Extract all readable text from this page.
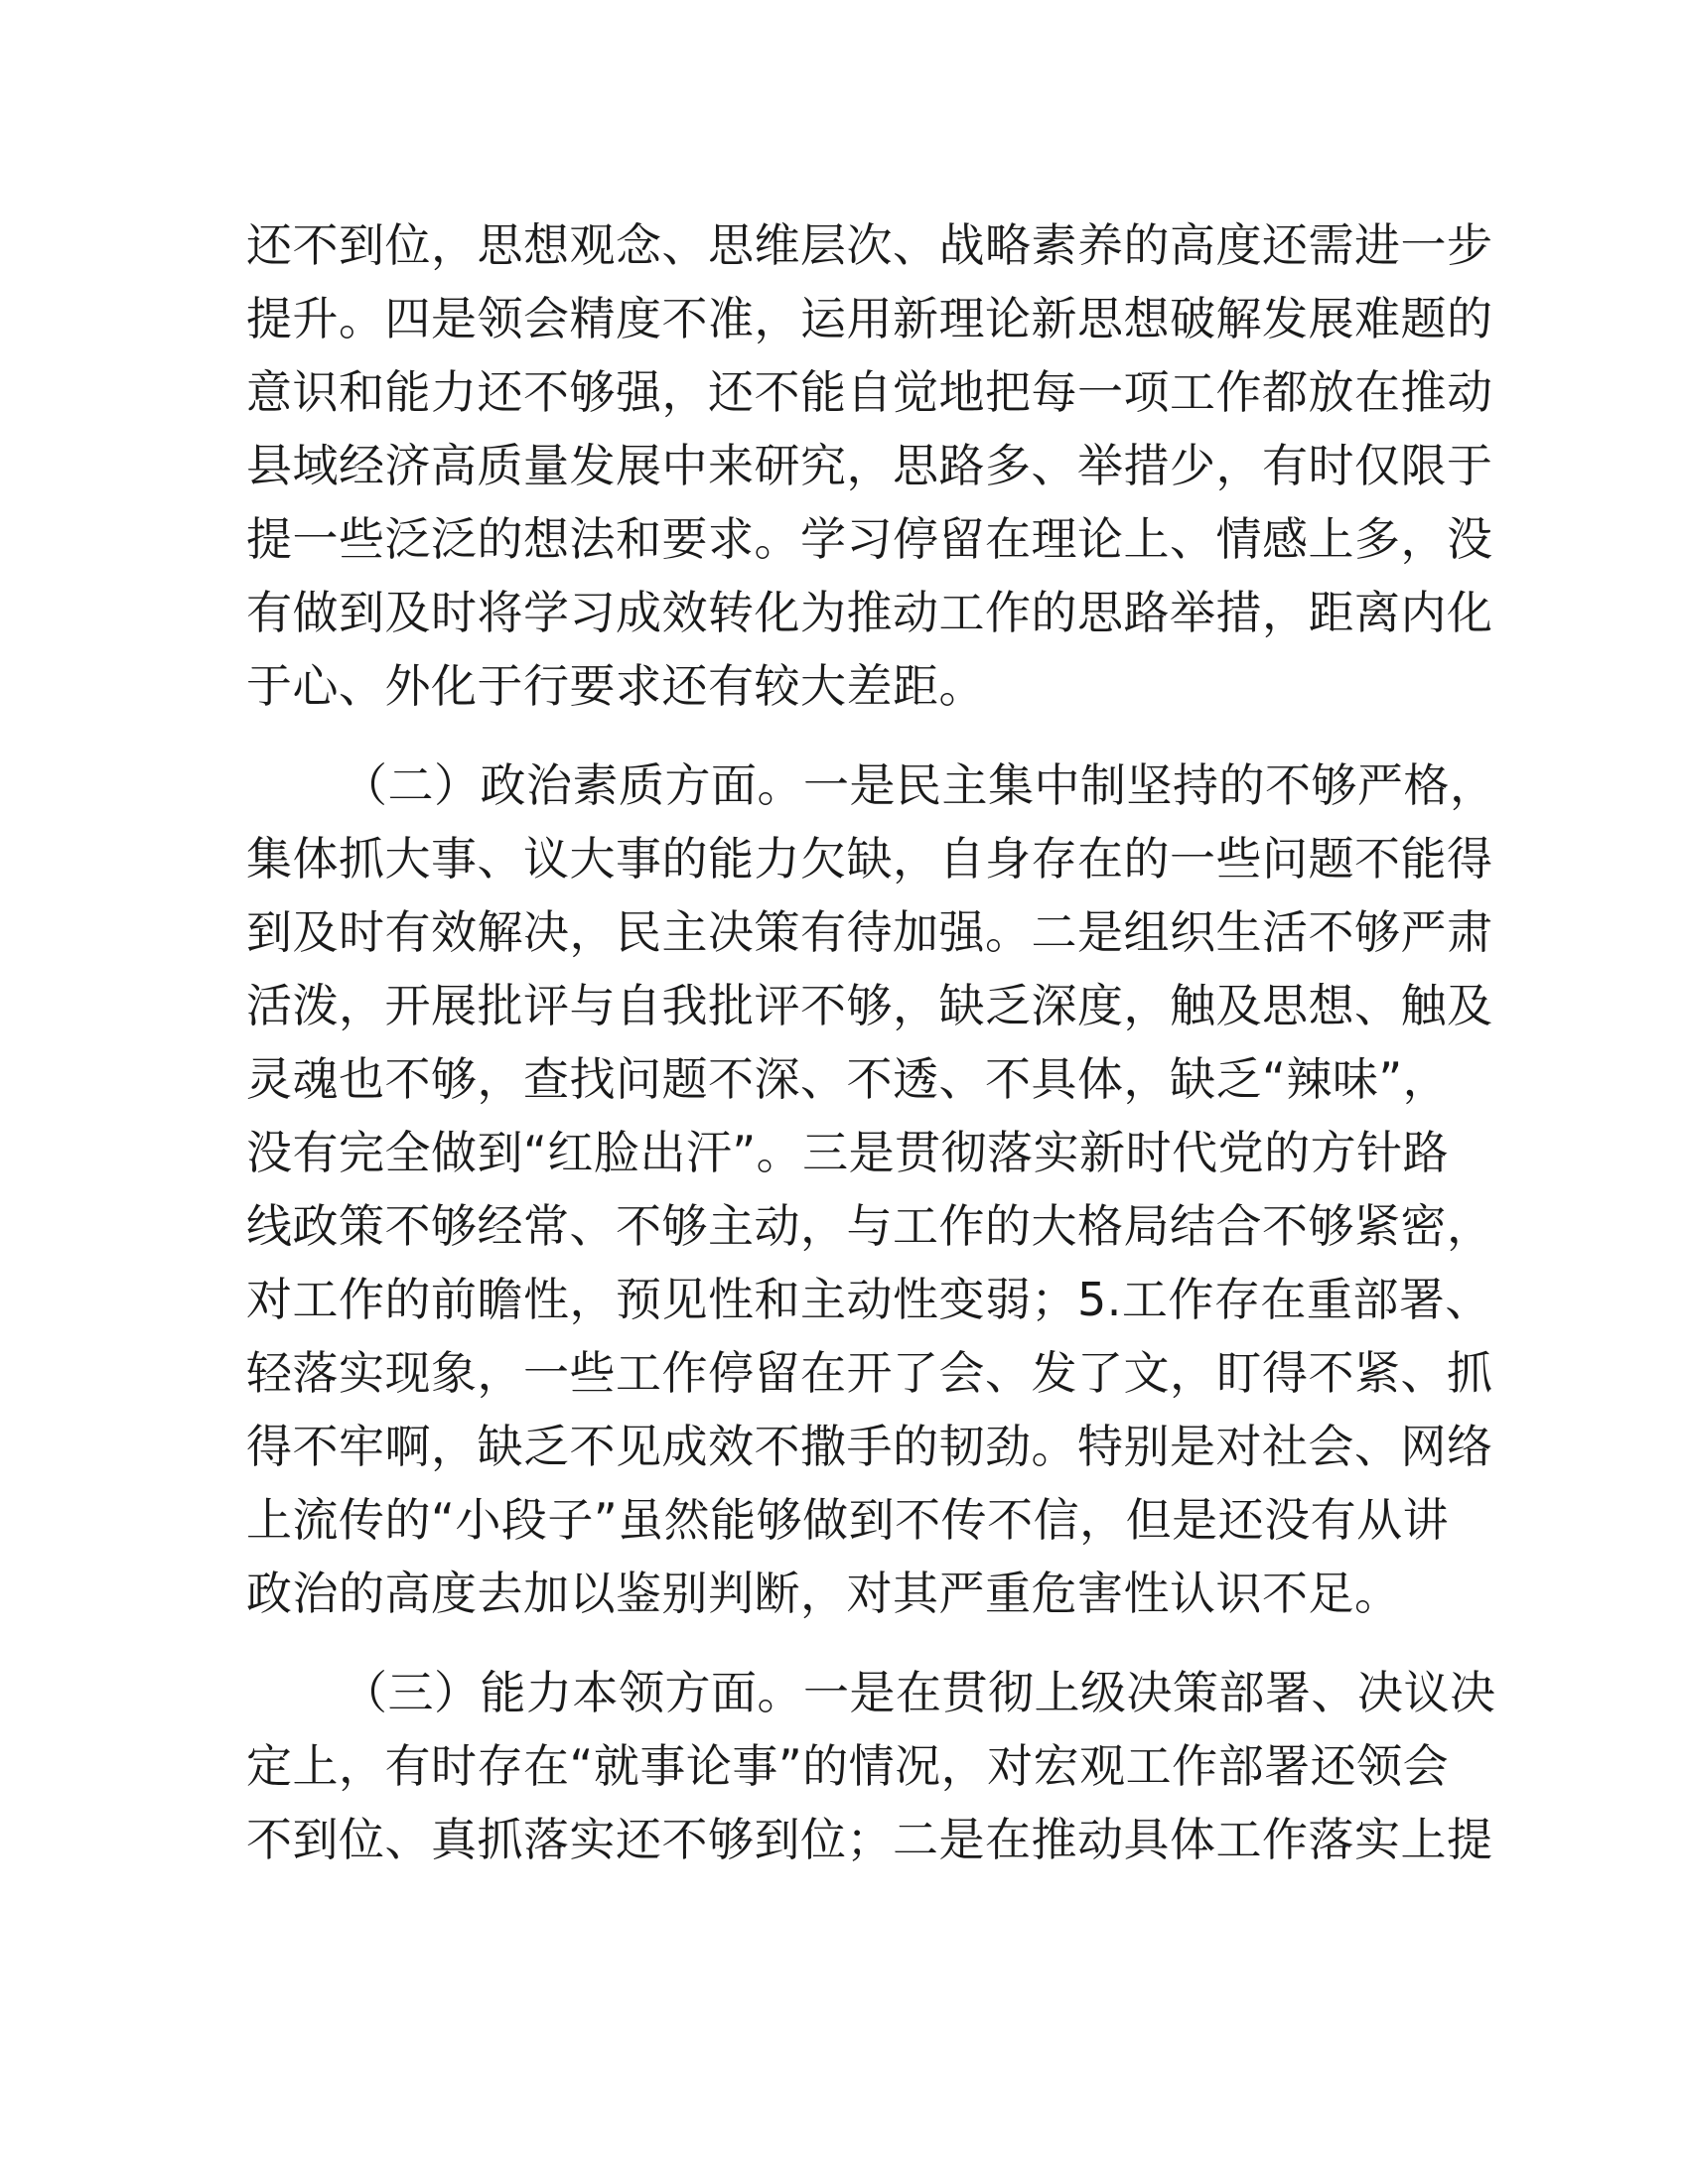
还不到位，思想观念、思维层次、战略素养的高度还需进一步
提升。四是领会精度不准，运用新理论新思想破解发展难题的
意识和能力还不够强，还不能自觉地把每一项工作都放在推动
县域经济高质量发展中来研究，思路多、举措少，有时仅限于
提一些泛泛的想法和要求。学习停留在理论上、情感上多，没
有做到及时将学习成效转化为推动工作的思路举措，距离内化
于心、外化于行要求还有较大差距。
（二）政治素质方面。一是民主集中制坚持的不够严格，
集体抓大事、议大事的能力欠缺，自身存在的一些问题不能得
到及时有效解决，民主决策有待加强。二是组织生活不够严肃
活泼，开展批评与自我批评不够，缺乏深度，触及思想、触及
灵魂也不够，查找问题不深、不透、不具体，缺乏“辣味”，
没有完全做到“红脸出汗”。三是贯彻落实新时代党的方针路
线政策不够经常、不够主动，与工作的大格局结合不够紧密，
对工作的前瞻性，预见性和主动性变弱；5.工作存在重部署、
轻落实现象，一些工作停留在开了会、发了文，盯得不紧、抓
得不牢啊，缺乏不见成效不撒手的韧劲。特别是对社会、网络
上流传的“小段子”虽然能够做到不传不信，但是还没有从讲
政治的高度去加以鉴别判断，对其严重危害性认识不足。
（三）能力本领方面。一是在贯彻上级决策部署、决议决
定上，有时存在“就事论事”的情况，对宏观工作部署还领会
不到位、真抓落实还不够到位；二是在推动具体工作落实上提
